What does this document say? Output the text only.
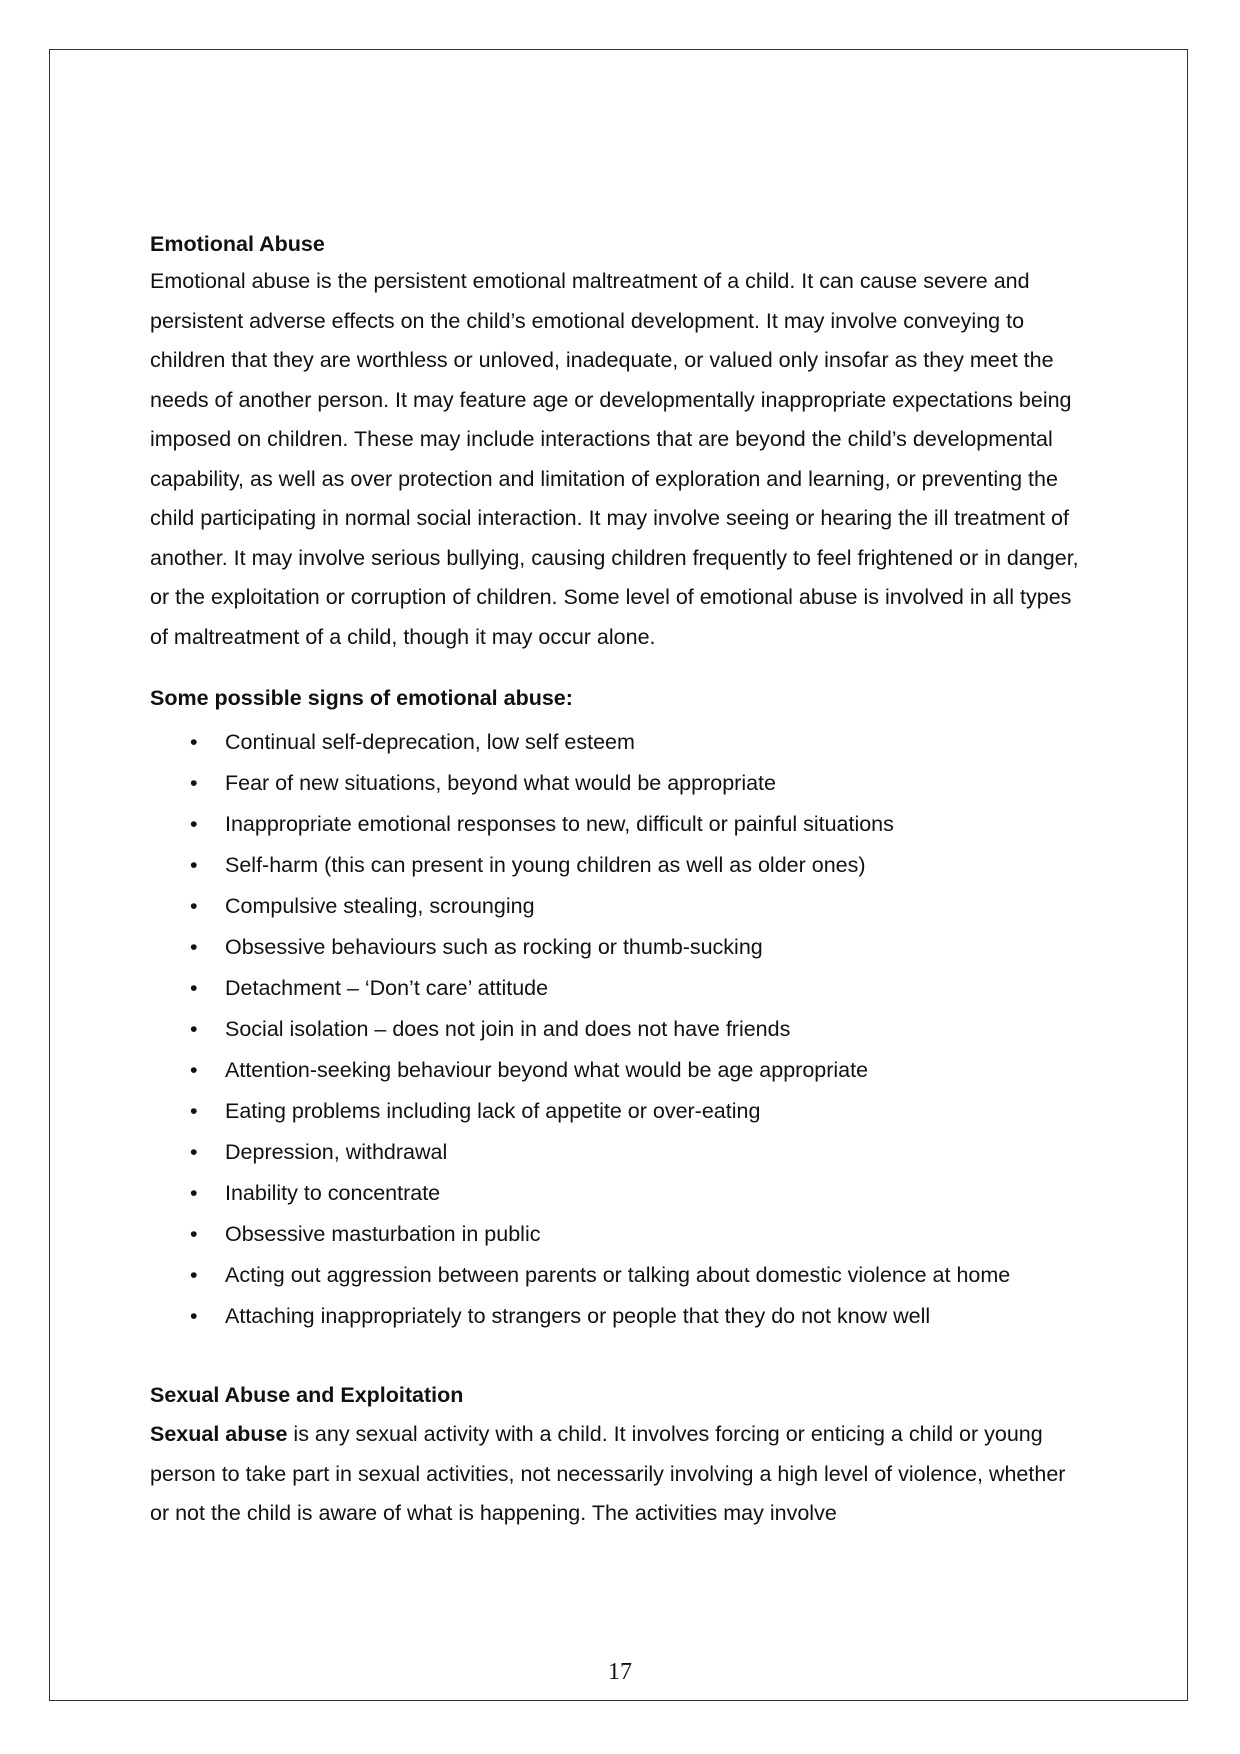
Emotional Abuse

Emotional abuse is the persistent emotional maltreatment of a child. It can cause severe and persistent adverse effects on the child’s emotional development. It may involve conveying to children that they are worthless or unloved, inadequate, or valued only insofar as they meet the needs of another person. It may feature age or developmentally inappropriate expectations being imposed on children. These may include interactions that are beyond the child’s developmental capability, as well as over protection and limitation of exploration and learning, or preventing the child participating in normal social interaction. It may involve seeing or hearing the ill treatment of another. It may involve serious bullying, causing children frequently to feel frightened or in danger, or the exploitation or corruption of children. Some level of emotional abuse is involved in all types of maltreatment of a child, though it may occur alone.

Some possible signs of emotional abuse:
• Continual self-deprecation, low self esteem
• Fear of new situations, beyond what would be appropriate
• Inappropriate emotional responses to new, difficult or painful situations
• Self-harm (this can present in young children as well as older ones)
• Compulsive stealing, scrounging
• Obsessive behaviours such as rocking or thumb-sucking
• Detachment – ‘Don’t care’ attitude
• Social isolation – does not join in and does not have friends
• Attention-seeking behaviour beyond what would be age appropriate
• Eating problems including lack of appetite or over-eating
• Depression, withdrawal
• Inability to concentrate
• Obsessive masturbation in public
• Acting out aggression between parents or talking about domestic violence at home
• Attaching inappropriately to strangers or people that they do not know well
Sexual Abuse and Exploitation

Sexual abuse is any sexual activity with a child. It involves forcing or enticing a child or young person to take part in sexual activities, not necessarily involving a high level of violence, whether or not the child is aware of what is happening. The activities may involve

17
